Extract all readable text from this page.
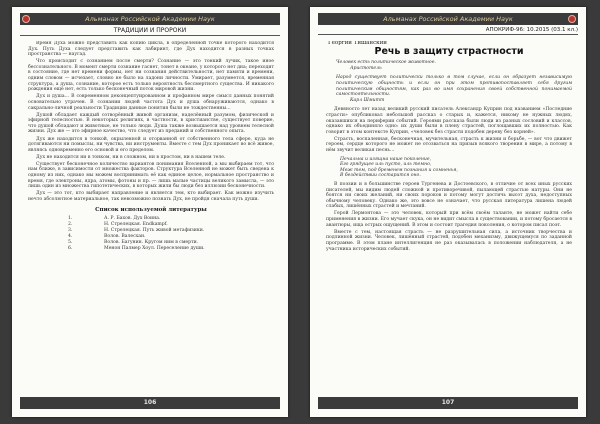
Альманах Российской Академии Наук
ТРАДИЦИИ И ПРОРОКИ

Время Духа можно представить как копию цикла, в определённой точке которого находится Дух. Путь Духа следует представить как лабиринт, где Дух находится в разных точках пространства — наугад.

Что происходит с сознанием после смерти? Сознание — это тонкий лучик, такое иное бессознательного. В момент смерти сознание гаснет, тонет в океане, у которого нет дна; переходит в состояние, где нет времени формы, нет ни сознания действительности, нет памяти и времени, одним словом — исчезает, словно не было на ладони личности. Умирает, разумеется, временная структура, а душа, сознание, которое есть только вероятность бессмертного существа. И никакого рождения ещё нет, есть только бесконечный поток мировой жизни.

Дух и душа… В современном деконцептуированном и профанном мире смысл данных понятий основательно утрачен. В сознании людей частота Дух и душа обнаруживаются, однако в сакрально-личной реальности Традиции данные понятия были не тождественны…

Душой обладает каждый сотворённый живой организм, наделённый разумом, физической и эфирной телесностью. В некоторых религиях, в частности, в христианстве, существует поверие, что душой обладают и животные, не только люди. Душа также возвышается над уровнем телесной жизни. Дух же — это эфирное качество, что следует из преданий и собственного опыта.

Дух же находится в тонкой, окрыленной и оторванной от собственного тела сфере, куда не дотягиваются ни помыслы, ни чувства, ни инструменты. Вместе с тем Дух проникает во всё живое, являясь одновременно его основой и его пределом.

Дух не находится ни в тонком, ни в сложном, ни в простом, ни в нашем теле.

Существует бесконечное количество вариантов понимания Вселенной, а мы выбираем тот, что нам ближе, в зависимости от множества факторов. Структура Вселенной не может быть сведена к одному из них, однако мы можем воспринимать её как единое целое, нормальное пространство и время, где электроны, ядра, атомы, фотоны и пр. — лишь малые частицы великого замысла, — это лишь один из множества гипотетических, в которых жили бы люди без иллюзии бесконечности.

Дух — это тот, кто выбирает направление и является тем, кто выбирает. Как можно изучить нечто абсолютное материальное, так невозможно познать Дух, не пройдя сначала путь души.

Список используемой литературы
1.	А. Р. Бахов. Дух Воина.
2.	Н. Стрелецкая. Endkampf.
3.	Н. Стрелецкая. Путь живой метафизики.
4.	Волов. Валесхан.
5.	Волов. Багунин. Кругом ним в смерти.
6.	Менон Палмер Хоул. Переселение души.
106
Альманах Российской Академии Наук
АПОКРИФ-96: 10.2015 (03.1 кл.)
Георгий Тишанский
Речь в защиту страстности
Человек есть политическое животное.
Аристотель
Народ существует политически только в том случае, если он образует независимую политическую общность и если он при этом противопоставляет себя другим политическим общностям, как раз во имя сохранения своей собственной понимаемой самостоятельности.
Карл Шмитт

Девяносто лет назад великий русский писатель Александр Куприн под названием «Последние страсти» опубликовал небольшой рассказ о старых и, кажется, никому не нужных людях, оказавшихся на периферии событий. Героями рассказа были люди из разных сословий и классов, однако их объединяло одно: их души были в плену страстей, поглощавших их полностью. Как говорит в этом контексте Куприн, «человек без страсти подобен дереву без корней».

Страсть, воспаленная, бесконечная, мучительная, страсть к жизни и борьбе, — вот что движет героем, сердце которого не может не отозваться на призыв всякого творения в мире, а потому в нём звучит великая песнь…

Печальна и изящна наше поколение,
Его грядущее иль пусто, иль темно,
Меж тем, под бременем познания и сомненья,
В бездействии состарится оно.

В поэзии и в большинстве героев Тургенева и Достоевского, в отличие от всех иных русских писателей, мы видим людей сложной и противоречивой, пылающей страстью натуры. Они не боятся ни своих желаний, ни своих пороков и потому могут достичь высот духа, недоступных обычному человеку. Однако же, это вовсе не означает, что русская литература лишена людей слабых, лишённых страстей и мечтаний.

Герой Лермонтова — это человек, который при всём своём таланте, не может найти себе применения в жизни. Его мучает скука, он не видит смысла в существовании, и потому бросается в авантюры, ища острых ощущений. В этом и состоит трагедия поколения, о котором писал поэт.

Вместе с тем, настоящая страсть — не разрушительная сила, а источник творчества и подлинной жизни. Человек, лишённый страстей, подобен механизму, движущемуся по заданной программе. В этом плане интеллигенция не раз оказывалась в положении наблюдателя, а не участника исторических событий.

107
